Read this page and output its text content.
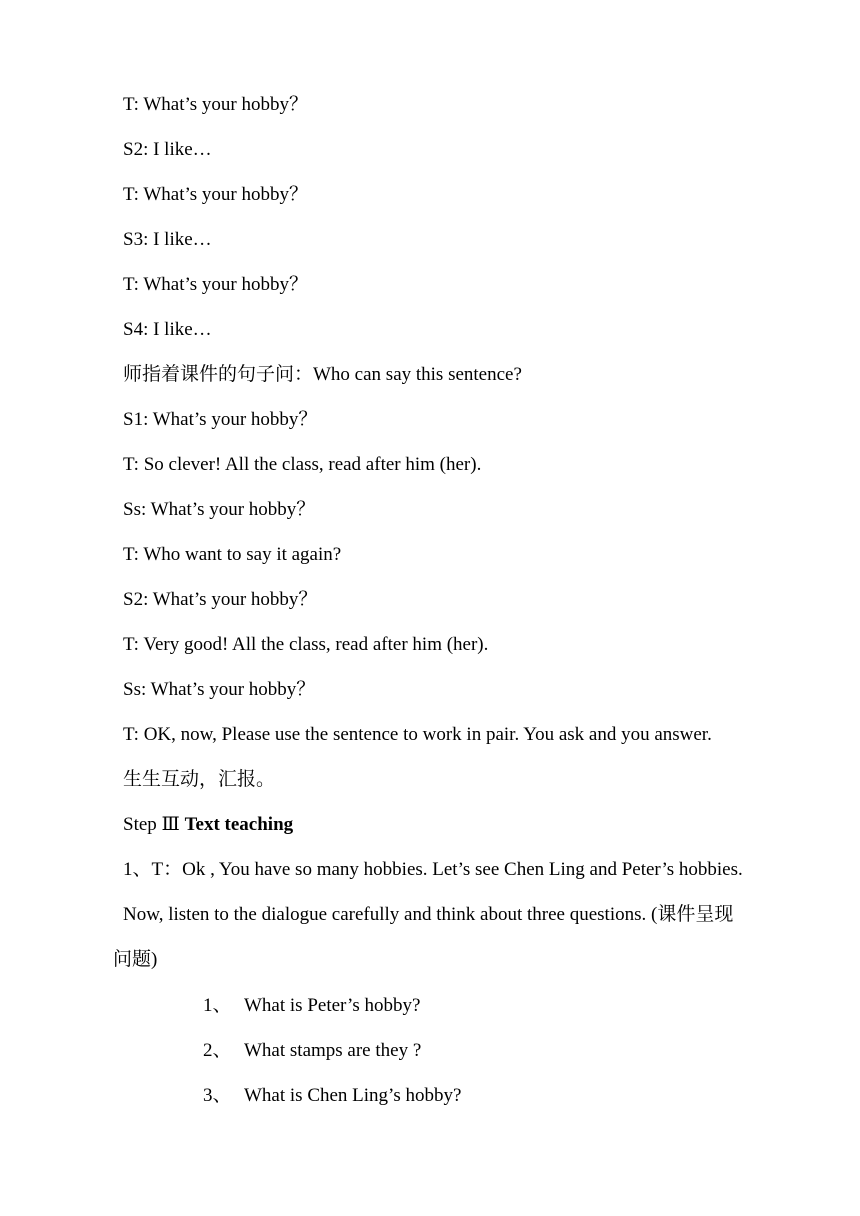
T: What’s your hobby？
S2: I like…
T: What’s your hobby？
S3: I like…
T: What’s your hobby？
S4: I like…
师指着课件的句子问：Who can say this sentence?
S1: What’s your hobby？
T: So clever! All the class, read after him (her).
Ss: What’s your hobby？
T: Who want to say it again?
S2: What’s your hobby？
T: Very good! All the class, read after him (her).
Ss: What’s your hobby？
T: OK, now, Please use the sentence to work in pair. You ask and you answer.
生生互动，汇报。
Step Ⅲ Text teaching
1、T：Ok , You have so many hobbies. Let’s see Chen Ling and Peter’s hobbies.
Now, listen to the dialogue carefully and think about three questions. (课件呈现
问题)
1、 What is Peter’s hobby?
2、 What stamps are they ?
3、 What is Chen Ling’s hobby?
